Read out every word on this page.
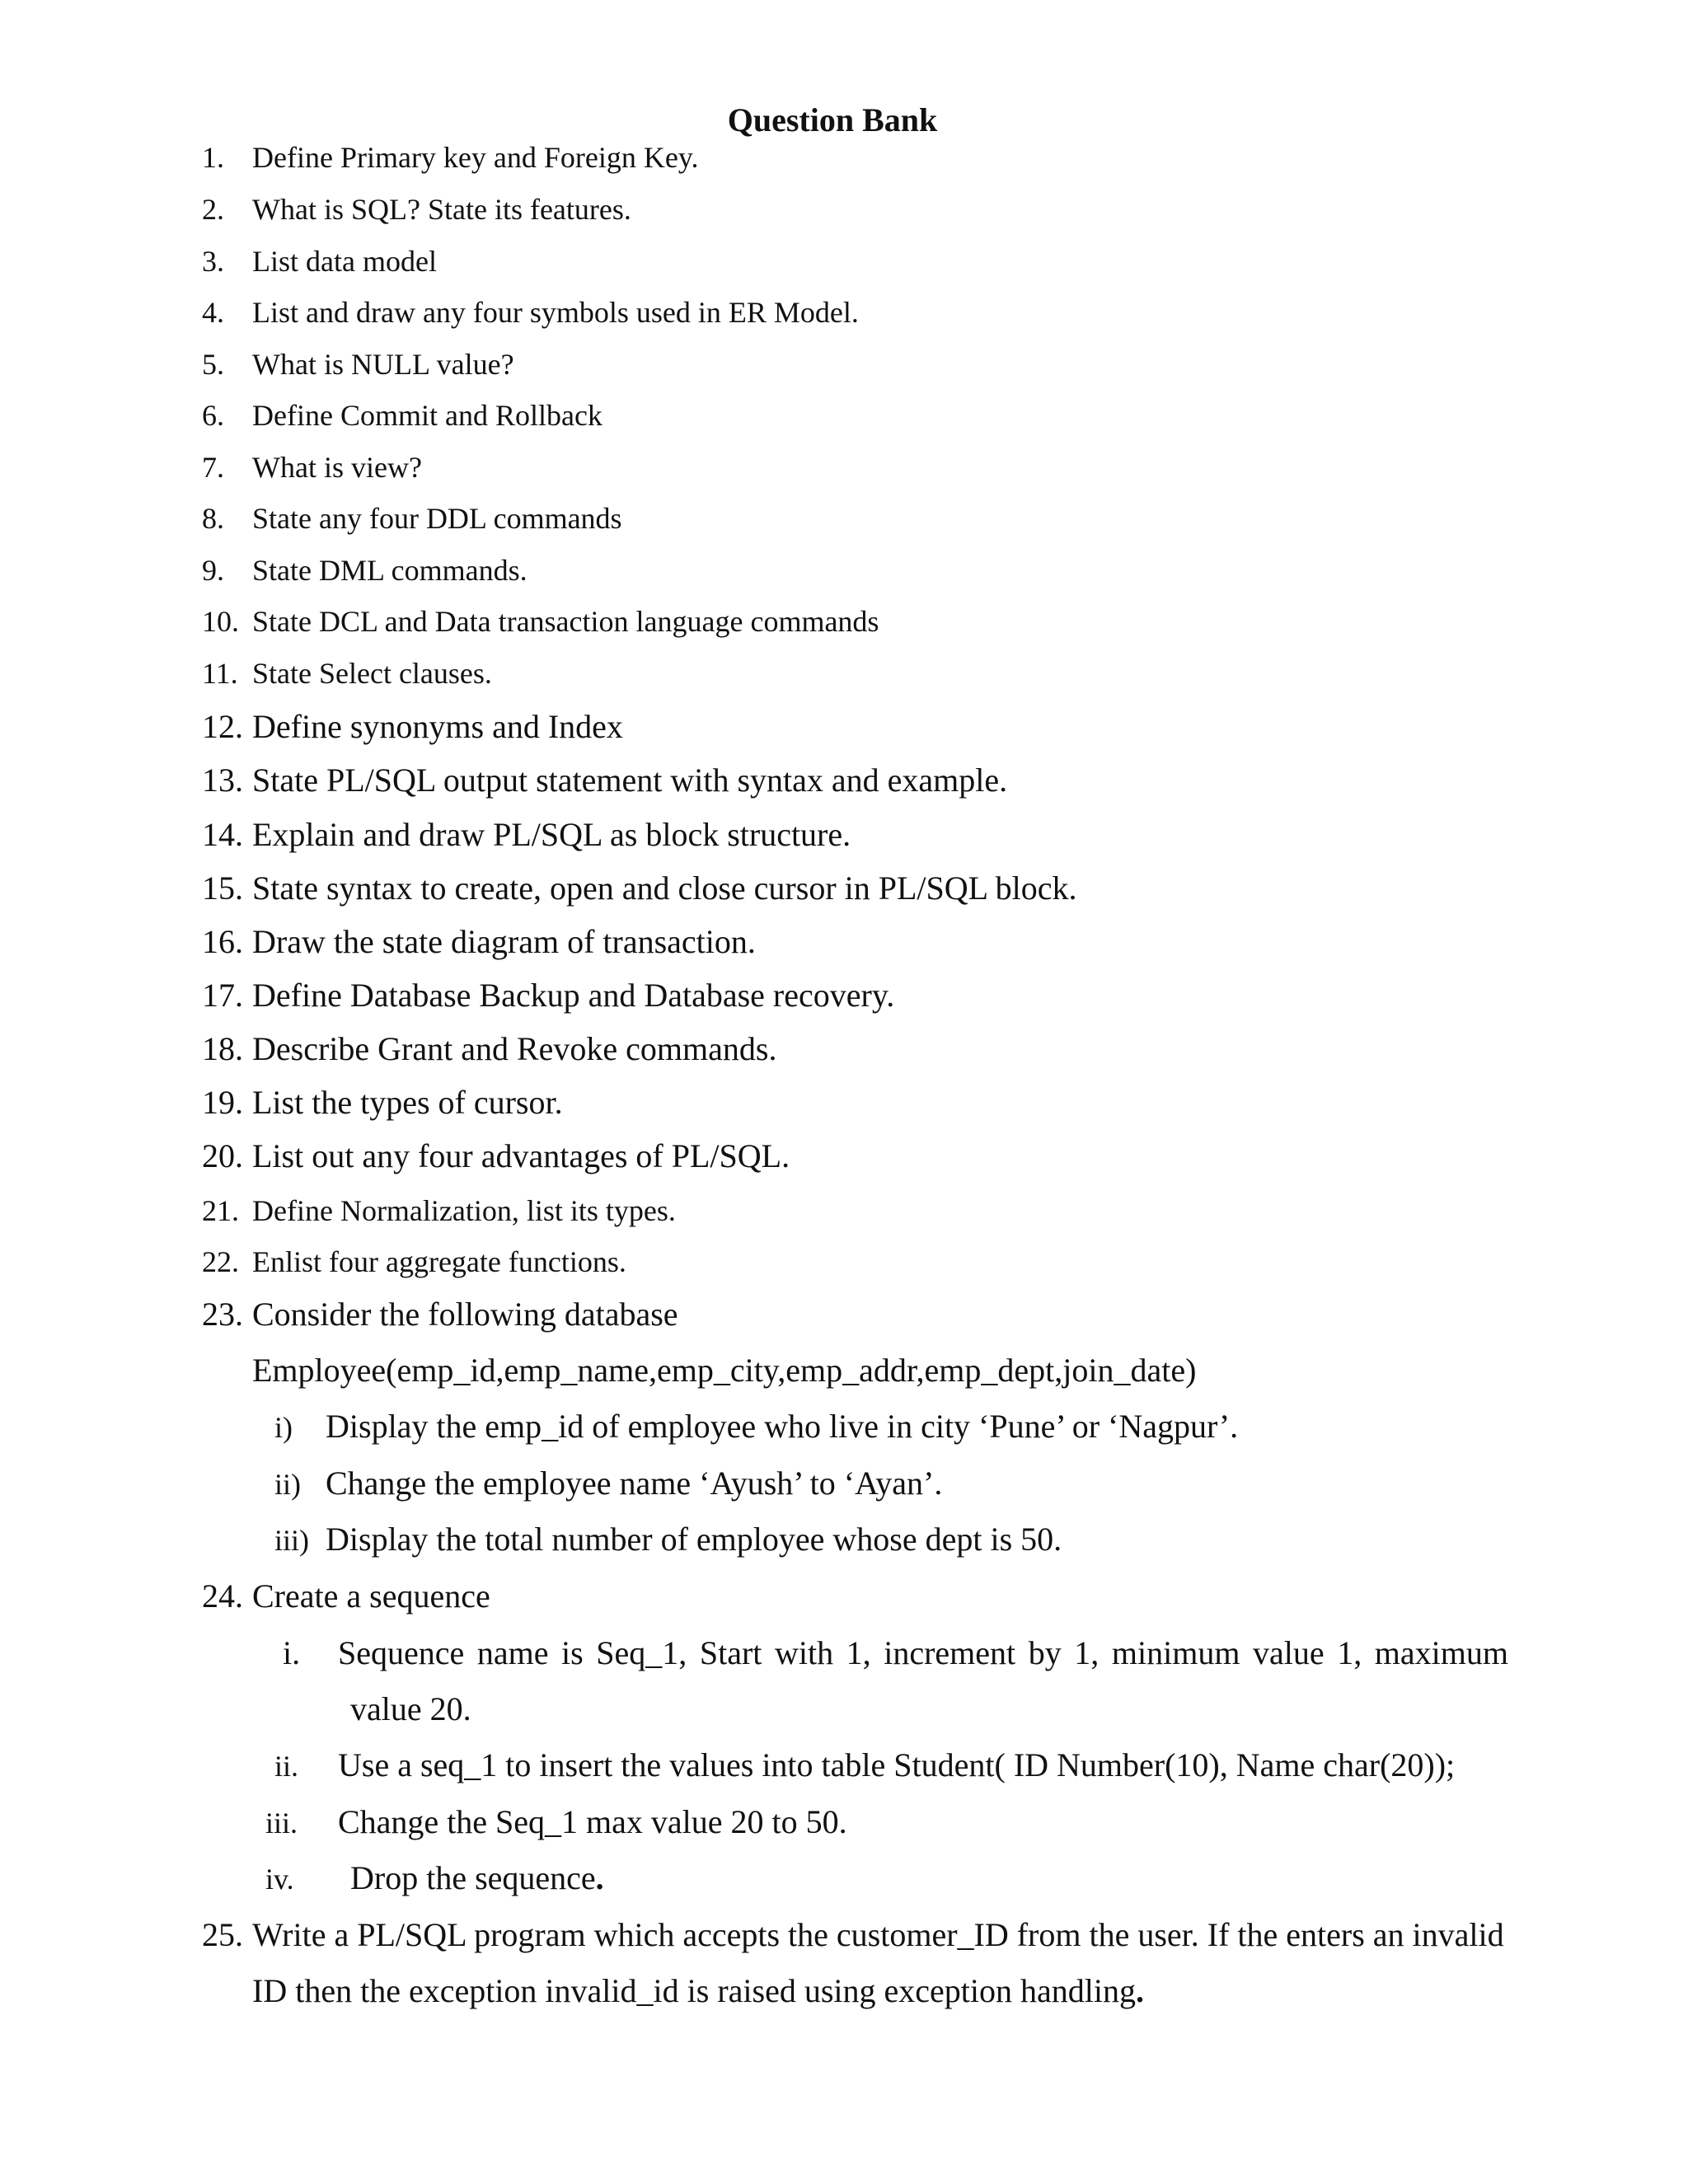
Question Bank
1. Define Primary key and Foreign Key.
2. What is SQL? State its features.
3. List data model
4. List and draw any four symbols used in ER Model.
5. What is NULL value?
6. Define Commit and Rollback
7. What is view?
8. State any four DDL commands
9. State DML commands.
10. State DCL and Data transaction language commands
11. State Select clauses.
12. Define synonyms and Index
13. State PL/SQL output statement with syntax and example.
14. Explain and draw PL/SQL as block structure.
15. State syntax to create, open and close cursor in PL/SQL block.
16. Draw the state diagram of transaction.
17. Define Database Backup and Database recovery.
18. Describe Grant and Revoke commands.
19. List the types of cursor.
20. List out any four advantages of PL/SQL.
21. Define Normalization, list its types.
22. Enlist four aggregate functions.
23. Consider the following database
Employee(emp_id,emp_name,emp_city,emp_addr,emp_dept,join_date)
i) Display the emp_id of employee who live in city ‘Pune’ or ‘Nagpur’.
ii) Change the employee name ‘Ayush’ to ‘Ayan’.
iii) Display the total number of employee whose dept is 50.
24. Create a sequence
i. Sequence name is Seq_1, Start with 1, increment by 1, minimum value 1, maximum
value 20.
ii. Use a seq_1 to insert the values into table Student( ID Number(10), Name char(20));
iii. Change the Seq_1 max value 20 to 50.
iv. Drop the sequence.
25. Write a PL/SQL program which accepts the customer_ID from the user. If the enters an invalid
ID then the exception invalid_id is raised using exception handling.
